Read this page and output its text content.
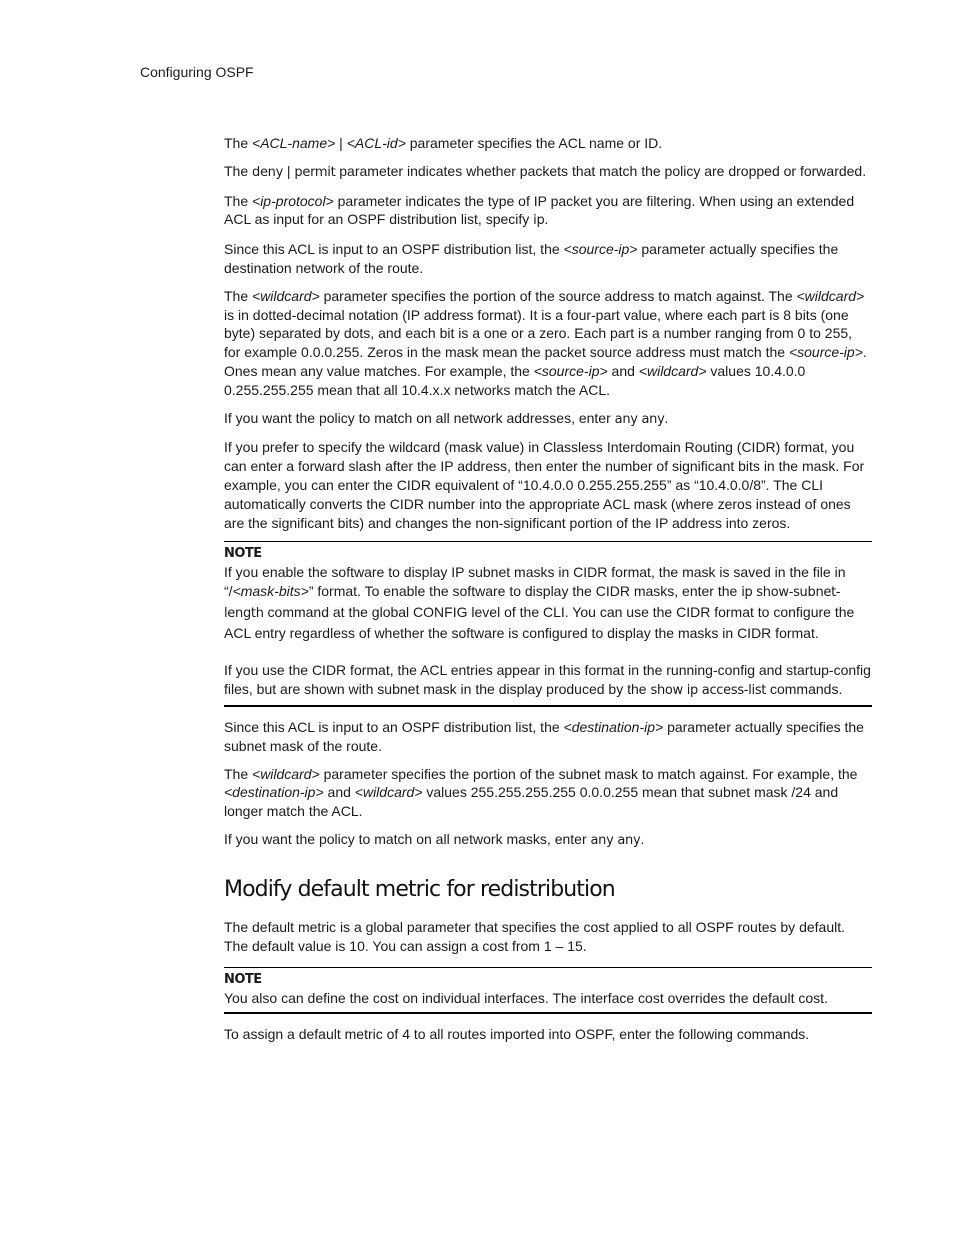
Configuring OSPF

The <ACL-name> | <ACL-id> parameter specifies the ACL name or ID.

The deny | permit parameter indicates whether packets that match the policy are dropped or forwarded.

The <ip-protocol> parameter indicates the type of IP packet you are filtering. When using an extended ACL as input for an OSPF distribution list, specify ip.

Since this ACL is input to an OSPF distribution list, the <source-ip> parameter actually specifies the destination network of the route.

The <wildcard> parameter specifies the portion of the source address to match against. The <wildcard> is in dotted-decimal notation (IP address format). It is a four-part value, where each part is 8 bits (one byte) separated by dots, and each bit is a one or a zero. Each part is a number ranging from 0 to 255, for example 0.0.0.255. Zeros in the mask mean the packet source address must match the <source-ip>. Ones mean any value matches. For example, the <source-ip> and <wildcard> values 10.4.0.0 0.255.255.255 mean that all 10.4.x.x networks match the ACL.

If you want the policy to match on all network addresses, enter any any.

If you prefer to specify the wildcard (mask value) in Classless Interdomain Routing (CIDR) format, you can enter a forward slash after the IP address, then enter the number of significant bits in the mask. For example, you can enter the CIDR equivalent of “10.4.0.0 0.255.255.255” as “10.4.0.0/8”. The CLI automatically converts the CIDR number into the appropriate ACL mask (where zeros instead of ones are the significant bits) and changes the non-significant portion of the IP address into zeros.

NOTE

If you enable the software to display IP subnet masks in CIDR format, the mask is saved in the file in “/<mask-bits>” format. To enable the software to display the CIDR masks, enter the ip show-subnet-length command at the global CONFIG level of the CLI. You can use the CIDR format to configure the ACL entry regardless of whether the software is configured to display the masks in CIDR format.

If you use the CIDR format, the ACL entries appear in this format in the running-config and startup-config files, but are shown with subnet mask in the display produced by the show ip access-list commands.

Since this ACL is input to an OSPF distribution list, the <destination-ip> parameter actually specifies the subnet mask of the route.

The <wildcard> parameter specifies the portion of the subnet mask to match against. For example, the <destination-ip> and <wildcard> values 255.255.255.255 0.0.0.255 mean that subnet mask /24 and longer match the ACL.

If you want the policy to match on all network masks, enter any any.

Modify default metric for redistribution

The default metric is a global parameter that specifies the cost applied to all OSPF routes by default. The default value is 10. You can assign a cost from 1 – 15.

NOTE

You also can define the cost on individual interfaces. The interface cost overrides the default cost.

To assign a default metric of 4 to all routes imported into OSPF, enter the following commands.
